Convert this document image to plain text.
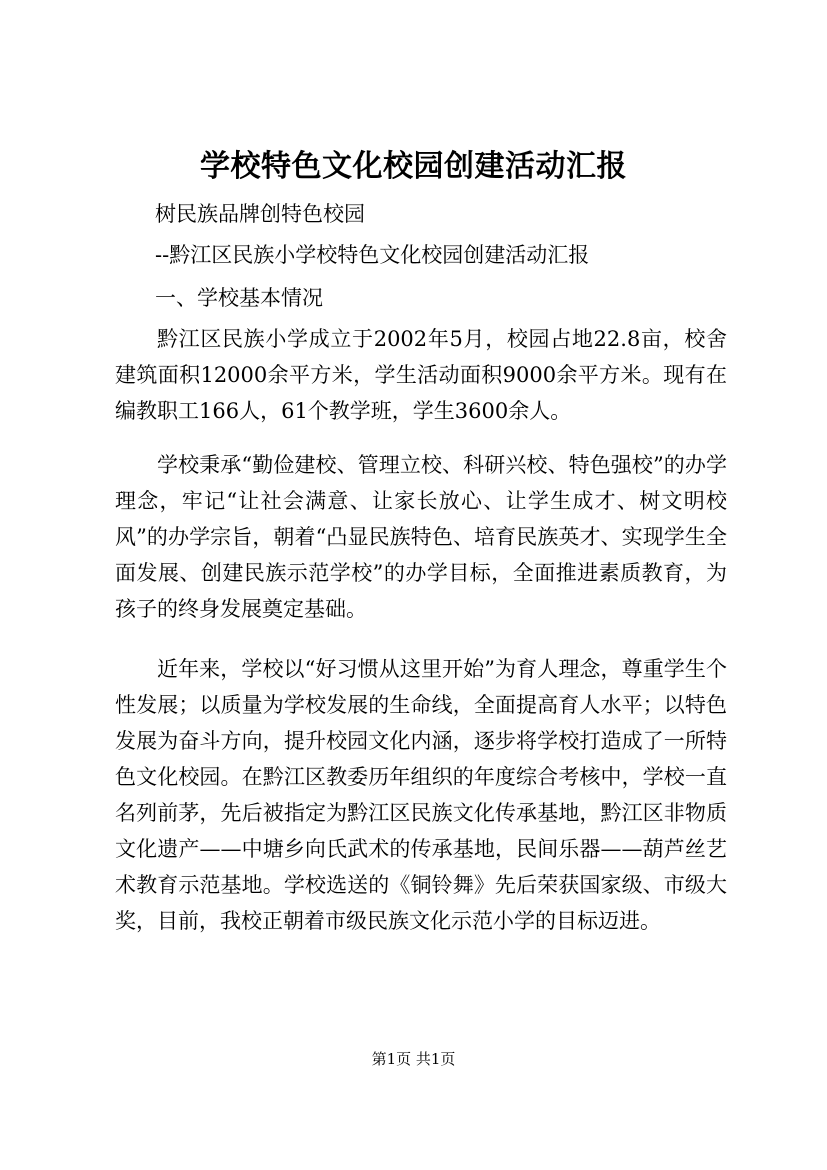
学校特色文化校园创建活动汇报
树民族品牌创特色校园
--黔江区民族小学校特色文化校园创建活动汇报
一、学校基本情况

黔江区民族小学成立于2002年5月，校园占地22.8亩，校舍建筑面积12000余平方米，学生活动面积9000余平方米。现有在编教职工166人，61个教学班，学生3600余人。

学校秉承“勤俭建校、管理立校、科研兴校、特色强校”的办学理念，牢记“让社会满意、让家长放心、让学生成才、树文明校风”的办学宗旨，朝着“凸显民族特色、培育民族英才、实现学生全面发展、创建民族示范学校”的办学目标，全面推进素质教育，为孩子的终身发展奠定基础。

近年来，学校以“好习惯从这里开始”为育人理念，尊重学生个性发展；以质量为学校发展的生命线，全面提高育人水平；以特色发展为奋斗方向，提升校园文化内涵，逐步将学校打造成了一所特色文化校园。在黔江区教委历年组织的年度综合考核中，学校一直名列前茅，先后被指定为黔江区民族文化传承基地，黔江区非物质文化遗产——中塘乡向氏武术的传承基地，民间乐器——葫芦丝艺术教育示范基地。学校选送的《铜铃舞》先后荣获国家级、市级大奖，目前，我校正朝着市级民族文化示范小学的目标迈进。

第1页 共1页
